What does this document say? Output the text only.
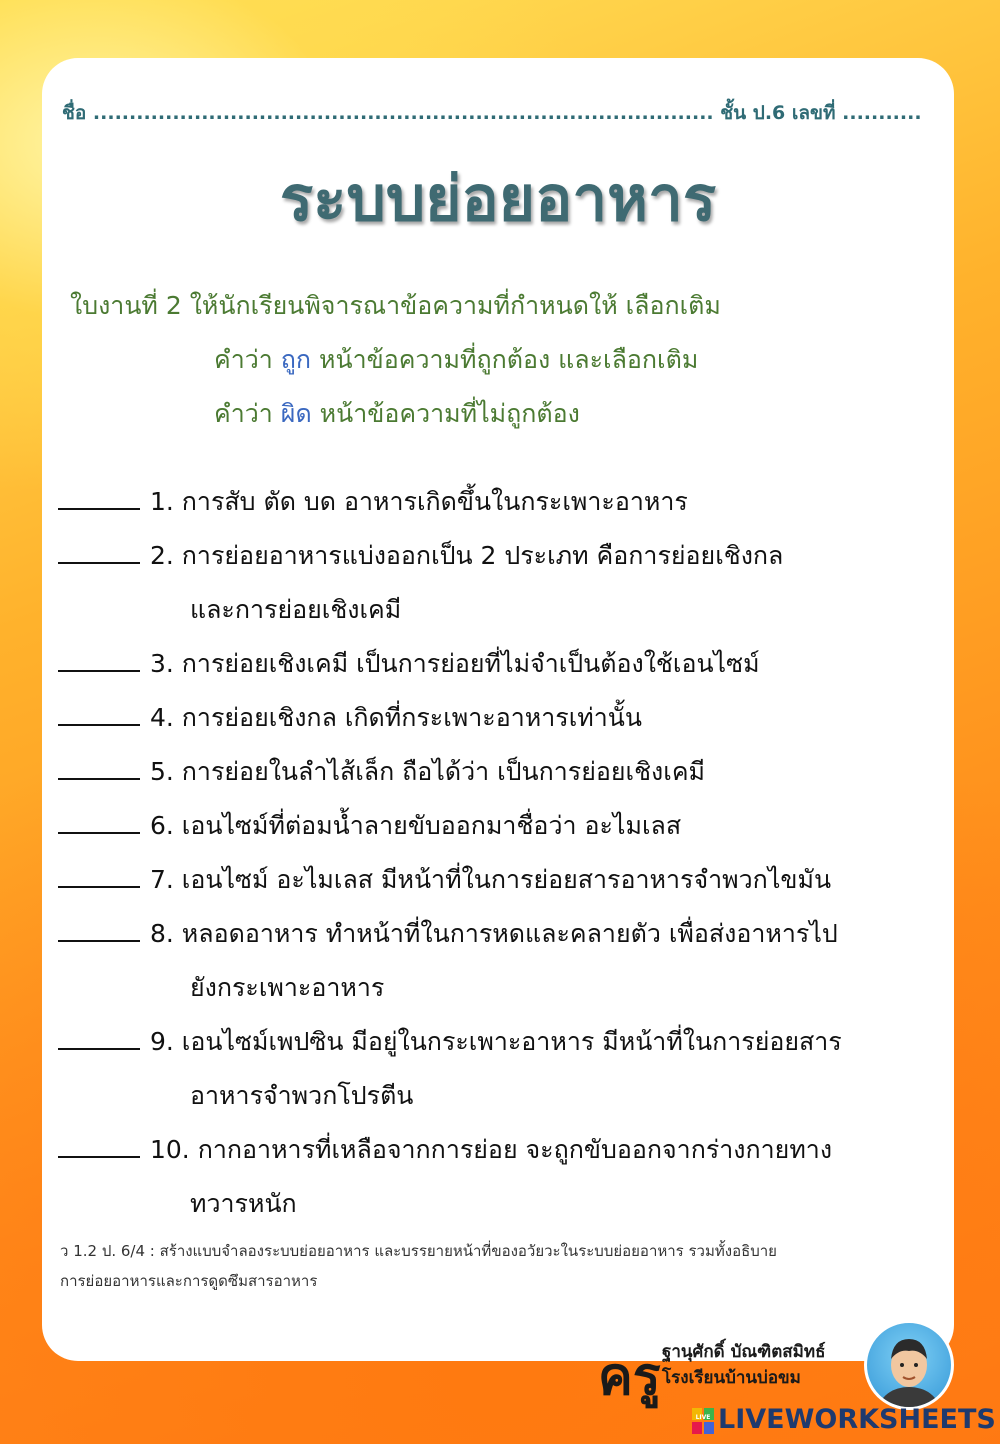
ชื่อ ...................................................................................... ชั้น ป.6 เลขที่ ...........
ระบบย่อยอาหาร
ใบงานที่ 2 ให้นักเรียนพิจารณาข้อความที่กำหนดให้ เลือกเติม
คำว่า ถูก หน้าข้อความที่ถูกต้อง และเลือกเติม
คำว่า ผิด หน้าข้อความที่ไม่ถูกต้อง
1. การสับ ตัด บด อาหารเกิดขึ้นในกระเพาะอาหาร
2. การย่อยอาหารแบ่งออกเป็น 2 ประเภท คือการย่อยเชิงกล
และการย่อยเชิงเคมี
3. การย่อยเชิงเคมี เป็นการย่อยที่ไม่จำเป็นต้องใช้เอนไซม์
4. การย่อยเชิงกล เกิดที่กระเพาะอาหารเท่านั้น
5. การย่อยในลำไส้เล็ก ถือได้ว่า เป็นการย่อยเชิงเคมี
6. เอนไซม์ที่ต่อมน้ำลายขับออกมาชื่อว่า อะไมเลส
7. เอนไซม์ อะไมเลส มีหน้าที่ในการย่อยสารอาหารจำพวกไขมัน
8. หลอดอาหาร ทำหน้าที่ในการหดและคลายตัว เพื่อส่งอาหารไป
ยังกระเพาะอาหาร
9. เอนไซม์เพปซิน มีอยู่ในกระเพาะอาหาร มีหน้าที่ในการย่อยสาร
อาหารจำพวกโปรตีน
10. กากอาหารที่เหลือจากการย่อย จะถูกขับออกจากร่างกายทาง
ทวารหนัก
ว 1.2 ป. 6/4 : สร้างแบบจำลองระบบย่อยอาหาร และบรรยายหน้าที่ของอวัยวะในระบบย่อยอาหาร รวมทั้งอธิบาย
การย่อยอาหารและการดูดซึมสารอาหาร
ครู ฐานุศักดิ์ บัณฑิตสมิทธ์
โรงเรียนบ้านบ่อขม
LIVE LIVEWORKSHEETS
